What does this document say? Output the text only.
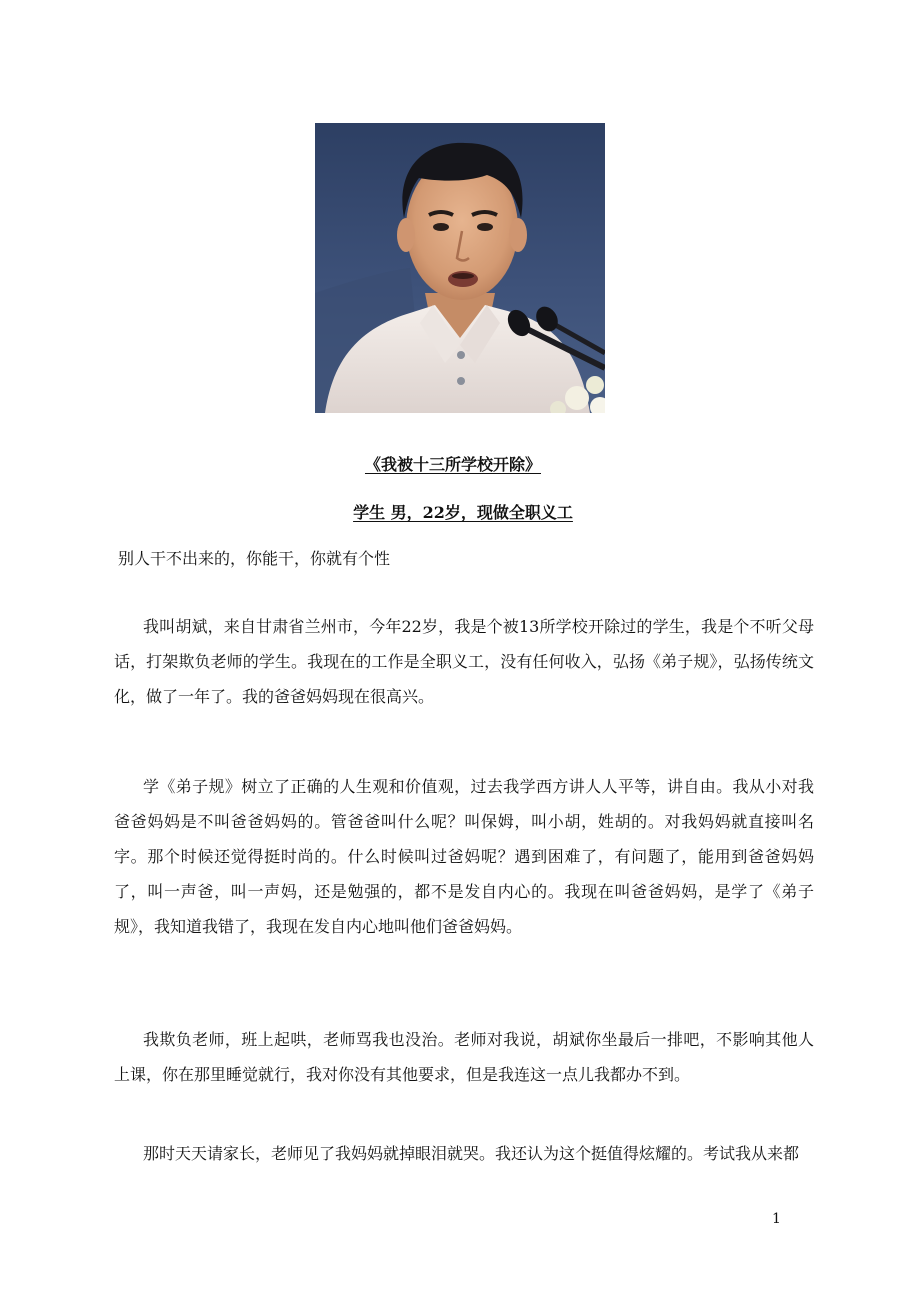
《我被十三所学校开除》

学生 男，22岁，现做全职义工

别人干不出来的，你能干，你就有个性

我叫胡斌，来自甘肃省兰州市，今年22岁，我是个被13所学校开除过的学生，我是个不听父母话，打架欺负老师的学生。我现在的工作是全职义工，没有任何收入，弘扬《弟子规》，弘扬传统文化，做了一年了。我的爸爸妈妈现在很高兴。

学《弟子规》树立了正确的人生观和价值观，过去我学西方讲人人平等，讲自由。我从小对我爸爸妈妈是不叫爸爸妈妈的。管爸爸叫什么呢？叫保姆，叫小胡，姓胡的。对我妈妈就直接叫名字。那个时候还觉得挺时尚的。什么时候叫过爸妈呢？遇到困难了，有问题了，能用到爸爸妈妈了，叫一声爸，叫一声妈，还是勉强的，都不是发自内心的。我现在叫爸爸妈妈，是学了《弟子规》，我知道我错了，我现在发自内心地叫他们爸爸妈妈。

我欺负老师，班上起哄，老师骂我也没治。老师对我说，胡斌你坐最后一排吧，不影响其他人上课，你在那里睡觉就行，我对你没有其他要求，但是我连这一点儿我都办不到。

那时天天请家长，老师见了我妈妈就掉眼泪就哭。我还认为这个挺值得炫耀的。考试我从来都

1
